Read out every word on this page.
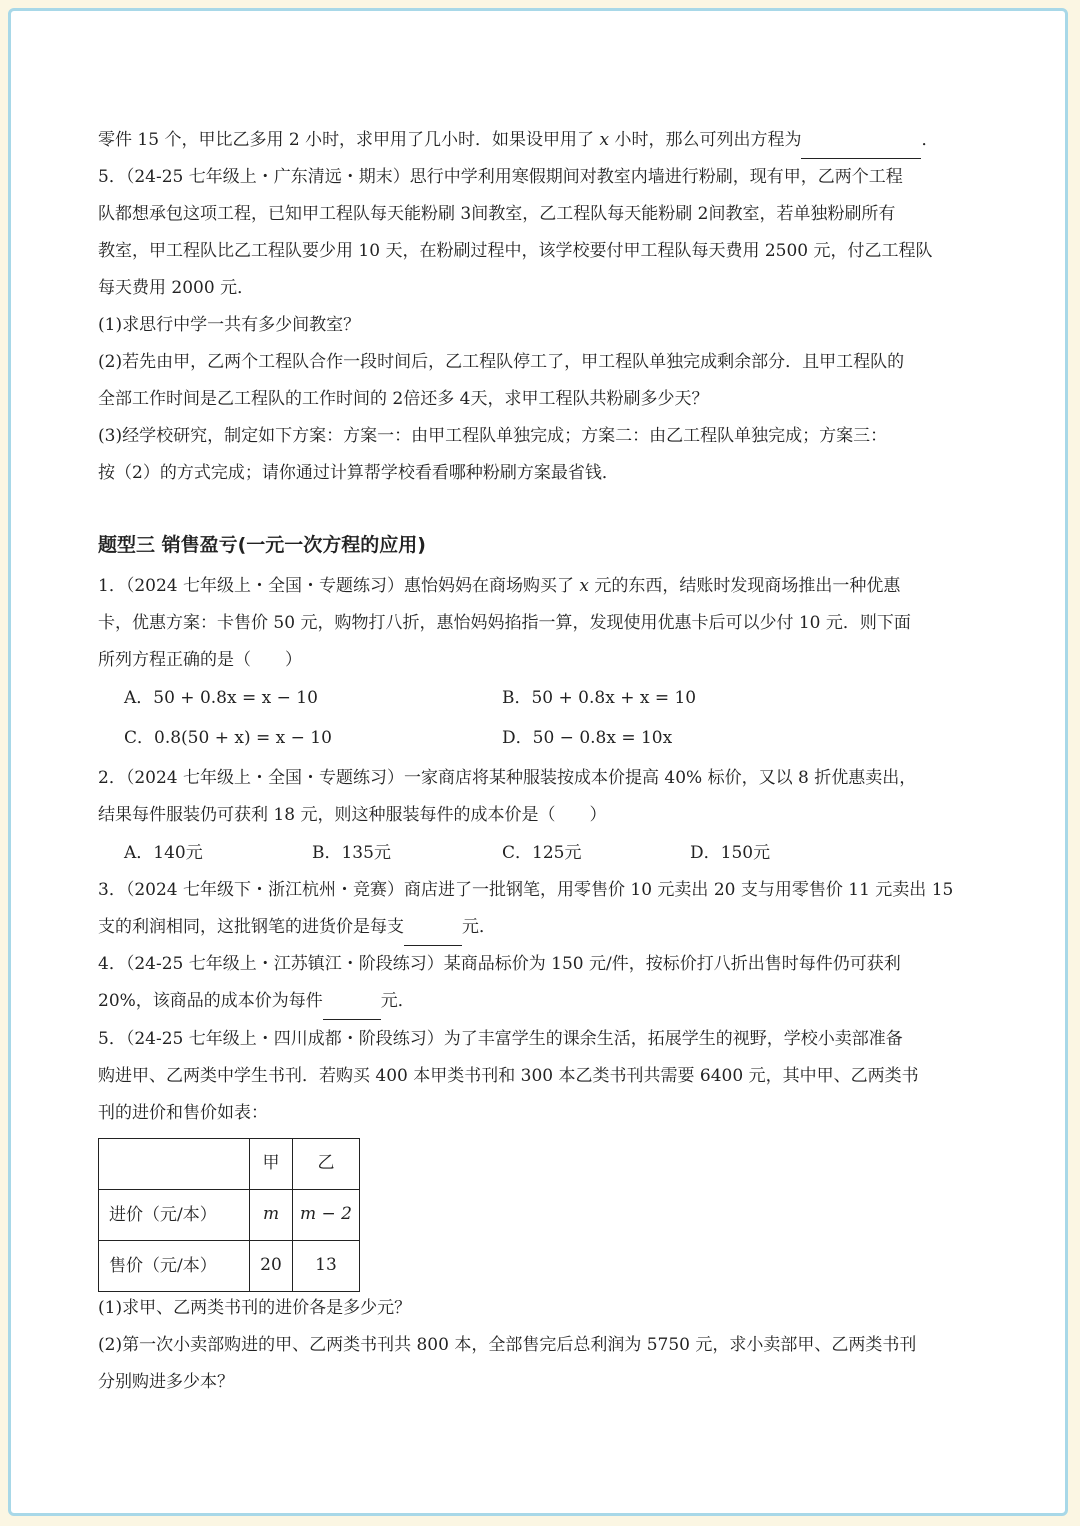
零件 15 个，甲比乙多用 2 小时，求甲用了几小时．如果设甲用了 x 小时，那么可列出方程为	．
5．（24-25 七年级上・广东清远・期末）思行中学利用寒假期间对教室内墙进行粉刷，现有甲，乙两个工程
队都想承包这项工程，已知甲工程队每天能粉刷 3间教室，乙工程队每天能粉刷 2间教室，若单独粉刷所有
教室，甲工程队比乙工程队要少用 10 天，在粉刷过程中，该学校要付甲工程队每天费用 2500 元，付乙工程队
每天费用 2000 元．
(1)求思行中学一共有多少间教室？
(2)若先由甲，乙两个工程队合作一段时间后，乙工程队停工了，甲工程队单独完成剩余部分．且甲工程队的
全部工作时间是乙工程队的工作时间的 2倍还多 4天，求甲工程队共粉刷多少天？
(3)经学校研究，制定如下方案：方案一：由甲工程队单独完成；方案二：由乙工程队单独完成；方案三：
按（2）的方式完成；请你通过计算帮学校看看哪种粉刷方案最省钱．
题型三 销售盈亏(一元一次方程的应用)
1．（2024 七年级上・全国・专题练习）惠怡妈妈在商场购买了 x 元的东西，结账时发现商场推出一种优惠
卡，优惠方案：卡售价 50 元，购物打八折，惠怡妈妈掐指一算，发现使用优惠卡后可以少付 10 元．则下面
所列方程正确的是（　　）
A．50 + 0.8x = x − 10	B．50 + 0.8x + x = 10
C．0.8(50 + x) = x − 10	D．50 − 0.8x = 10x
2．（2024 七年级上・全国・专题练习）一家商店将某种服装按成本价提高 40% 标价，又以 8 折优惠卖出，
结果每件服装仍可获利 18 元，则这种服装每件的成本价是（　　）
A．140元	B．135元	C．125元	D．150元
3．（2024 七年级下・浙江杭州・竞赛）商店进了一批钢笔，用零售价 10 元卖出 20 支与用零售价 11 元卖出 15
支的利润相同，这批钢笔的进货价是每支	元．
4．（24-25 七年级上・江苏镇江・阶段练习）某商品标价为 150 元/件，按标价打八折出售时每件仍可获利
20%，该商品的成本价为每件	元．
5．（24-25 七年级上・四川成都・阶段练习）为了丰富学生的课余生活，拓展学生的视野，学校小卖部准备
购进甲、乙两类中学生书刊．若购买 400 本甲类书刊和 300 本乙类书刊共需要 6400 元，其中甲、乙两类书
刊的进价和售价如表：
	甲	乙
进价（元/本）	m	m − 2
售价（元/本）	20	13
(1)求甲、乙两类书刊的进价各是多少元？
(2)第一次小卖部购进的甲、乙两类书刊共 800 本，全部售完后总利润为 5750 元，求小卖部甲、乙两类书刊
分别购进多少本？
